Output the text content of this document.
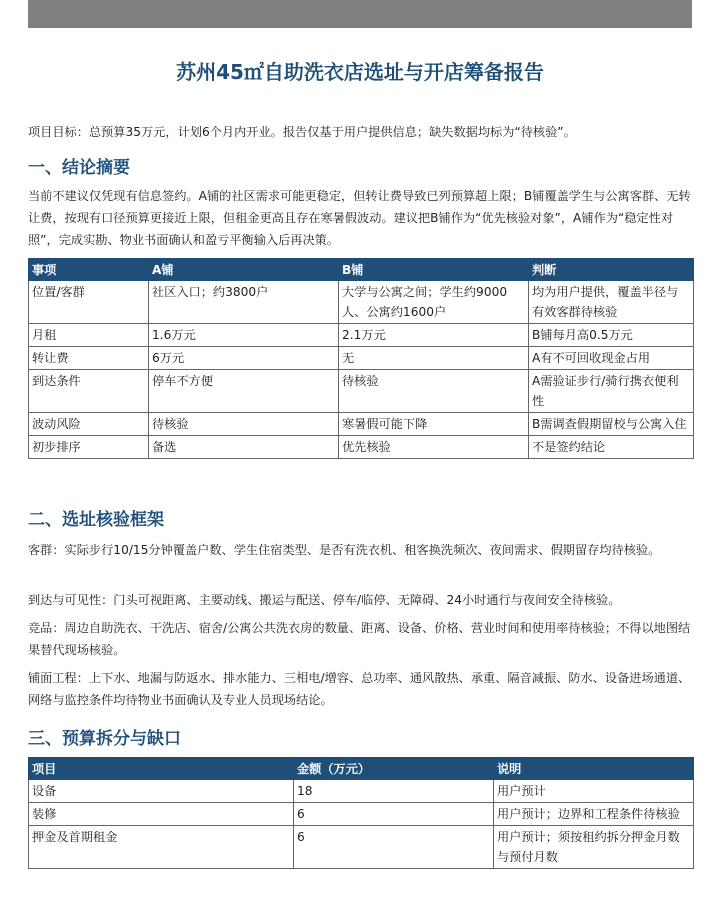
苏州45㎡自助洗衣店选址与开店筹备报告
项目目标：总预算35万元，计划6个月内开业。报告仅基于用户提供信息；缺失数据均标为“待核验”。
一、结论摘要
当前不建议仅凭现有信息签约。A铺的社区需求可能更稳定，但转让费导致已列预算超上限；B铺覆盖学生与公寓客群、无转让费，按现有口径预算更接近上限，但租金更高且存在寒暑假波动。建议把B铺作为“优先核验对象”，A铺作为“稳定性对照”，完成实勘、物业书面确认和盈亏平衡输入后再决策。
事项	A铺	B铺	判断
位置/客群	社区入口；约3800户	大学与公寓之间；学生约9000人、公寓约1600户	均为用户提供，覆盖半径与有效客群待核验
月租	1.6万元	2.1万元	B铺每月高0.5万元
转让费	6万元	无	A有不可回收现金占用
到达条件	停车不方便	待核验	A需验证步行/骑行携衣便利性
波动风险	待核验	寒暑假可能下降	B需调查假期留校与公寓入住
初步排序	备选	优先核验	不是签约结论
二、选址核验框架
客群：实际步行10/15分钟覆盖户数、学生住宿类型、是否有洗衣机、租客换洗频次、夜间需求、假期留存均待核验。
到达与可见性：门头可视距离、主要动线、搬运与配送、停车/临停、无障碍、24小时通行与夜间安全待核验。
竞品：周边自助洗衣、干洗店、宿舍/公寓公共洗衣房的数量、距离、设备、价格、营业时间和使用率待核验；不得以地图结果替代现场核验。
铺面工程：上下水、地漏与防返水、排水能力、三相电/增容、总功率、通风散热、承重、隔音减振、防水、设备进场通道、网络与监控条件均待物业书面确认及专业人员现场结论。
三、预算拆分与缺口
项目	金额（万元）	说明
设备	18	用户预计
装修	6	用户预计；边界和工程条件待核验
押金及首期租金	6	用户预计；须按租约拆分押金月数与预付月数
